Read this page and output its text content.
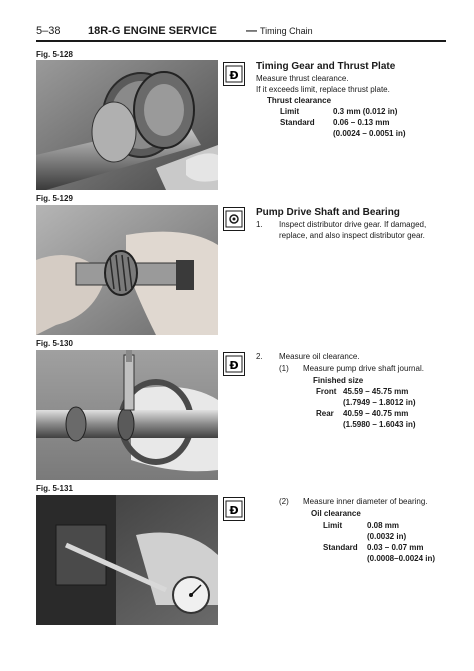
5–38	18R-G ENGINE SERVICE	— Timing Chain
Fig. 5-128
Ɖ
Timing Gear and Thrust Plate
Measure thrust clearance.
If it exceeds limit, replace thrust plate.
Thrust clearance
Limit	0.3 mm (0.012 in)
Standard 0.06 – 0.13 mm
(0.0024 – 0.0051 in)
Fig. 5-129
Pump Drive Shaft and Bearing
1. Inspect distributor drive gear. If damaged,
replace, and also inspect distributor gear.
Fig. 5-130
Ɖ
2. Measure oil clearance.
(1) Measure pump drive shaft journal.
Finished size
Front 45.59 – 45.75 mm
(1.7949 – 1.8012 in)
Rear 40.59 – 40.75 mm
(1.5980 – 1.6043 in)
Fig. 5-131
Ɖ
(2) Measure inner diameter of bearing.
Oil clearance
Limit	0.08 mm
(0.0032 in)
Standard 0.03 – 0.07 mm
(0.0008–0.0024 in)
